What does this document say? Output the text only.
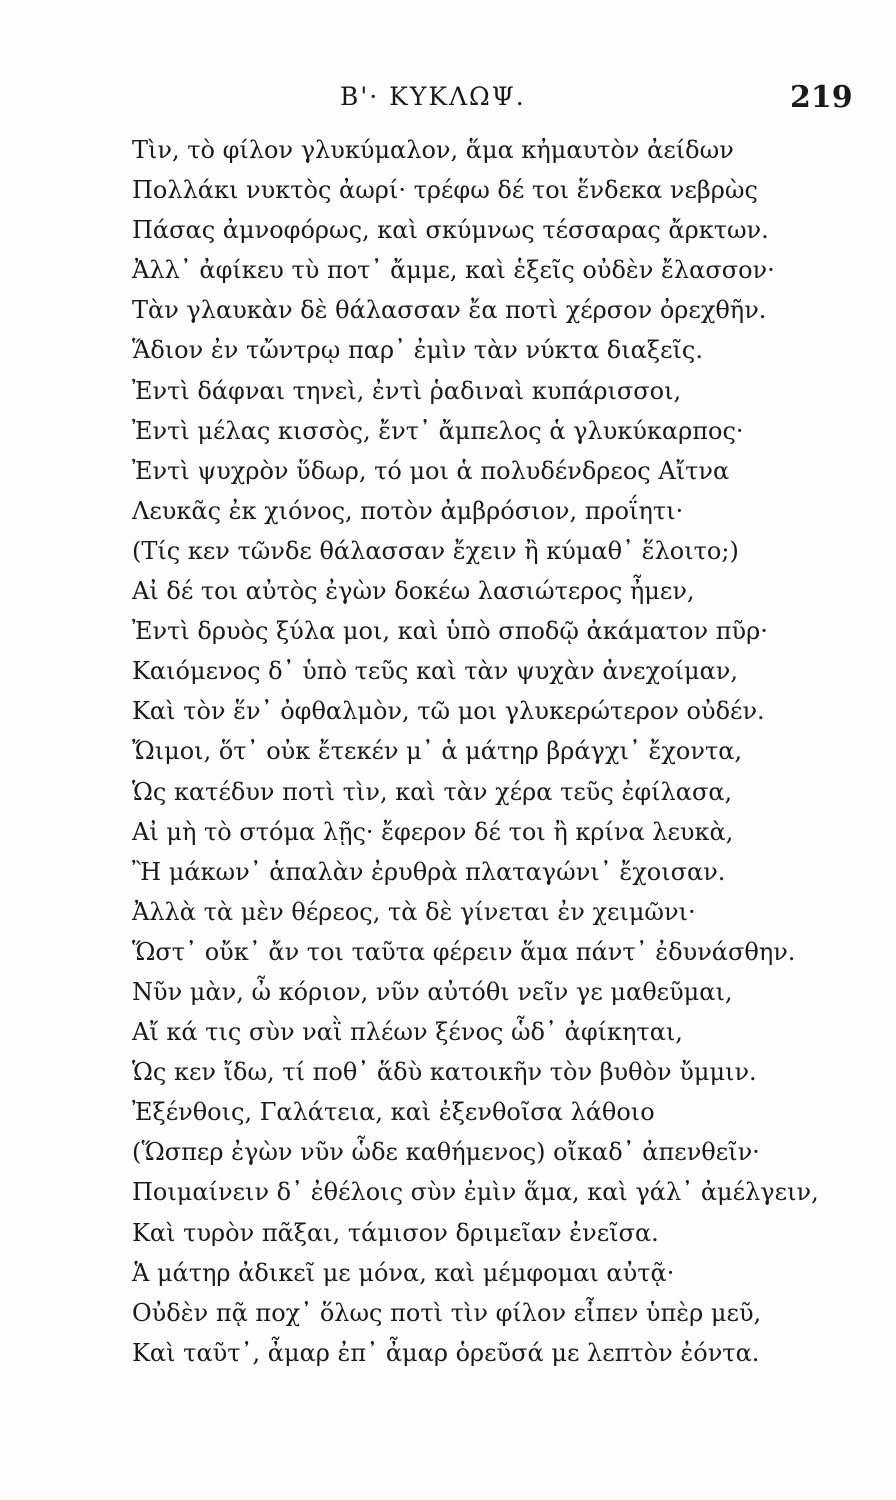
Β'· ΚΥΚΛΩΨ.	219
Τὶν, τὸ φίλον γλυκύμαλον, ἅμα κἠμαυτὸν ἀείδων
Πολλάκι νυκτὸς ἀωρί· τρέφω δέ τοι ἕνδεκα νεβρὼς
Πάσας ἀμνοφόρως, καὶ σκύμνως τέσσαρας ἄρκτων.
Ἀλλ᾽ ἀφίκευ τὺ ποτ᾽ ἄμμε, καὶ ἑξεῖς οὐδὲν ἔλασσον·
Τὰν γλαυκὰν δὲ θάλασσαν ἔα ποτὶ χέρσον ὀρεχθῆν.
Ἅδιον ἐν τὤντρῳ παρ᾽ ἐμὶν τὰν νύκτα διαξεῖς.
Ἐντὶ δάφναι τηνεὶ, ἐντὶ ῥαδιναὶ κυπάρισσοι,
Ἐντὶ μέλας κισσὸς, ἔντ᾽ ἄμπελος ἁ γλυκύκαρπος·
Ἐντὶ ψυχρὸν ὕδωρ, τό μοι ἁ πολυδένδρεος Αἴτνα
Λευκᾶς ἐκ χιόνος, ποτὸν ἀμβρόσιον, προΐητι·
(Τίς κεν τῶνδε θάλασσαν ἔχειν ἢ κύμαθ᾽ ἕλοιτο;)
Αἰ δέ τοι αὐτὸς ἐγὼν δοκέω λασιώτερος ἦμεν,
Ἐντὶ δρυὸς ξύλα μοι, καὶ ὑπὸ σποδῷ ἀκάματον πῦρ·
Καιόμενος δ᾽ ὑπὸ τεῦς καὶ τὰν ψυχὰν ἀνεχοίμαν,
Καὶ τὸν ἕν᾽ ὀφθαλμὸν, τῶ μοι γλυκερώτερον οὐδέν.
Ὤιμοι, ὅτ᾽ οὐκ ἔτεκέν μ᾽ ἁ μάτηρ βράγχι᾽ ἔχοντα,
Ὡς κατέδυν ποτὶ τὶν, καὶ τὰν χέρα τεῦς ἐφίλασα,
Αἰ μὴ τὸ στόμα λῇς· ἔφερον δέ τοι ἢ κρίνα λευκὰ,
Ἢ μάκων᾽ ἁπαλὰν ἐρυθρὰ πλαταγώνι᾽ ἔχοισαν.
Ἀλλὰ τὰ μὲν θέρεος, τὰ δὲ γίνεται ἐν χειμῶνι·
Ὥστ᾽ οὔκ᾽ ἄν τοι ταῦτα φέρειν ἅμα πάντ᾽ ἐδυνάσθην.
Νῦν μὰν, ὦ κόριον, νῦν αὐτόθι νεῖν γε μαθεῦμαι,
Αἴ κά τις σὺν ναῒ πλέων ξένος ὧδ᾽ ἀφίκηται,
Ὡς κεν ἴδω, τί ποθ᾽ ἅδὺ κατοικῆν τὸν βυθὸν ὔμμιν.
Ἐξένθοις, Γαλάτεια, καὶ ἐξενθοῖσα λάθοιο
(Ὥσπερ ἐγὼν νῦν ὧδε καθήμενος) οἴκαδ᾽ ἀπενθεῖν·
Ποιμαίνειν δ᾽ ἐθέλοις σὺν ἐμὶν ἅμα, καὶ γάλ᾽ ἀμέλγειν,
Καὶ τυρὸν πᾶξαι, τάμισον δριμεῖαν ἐνεῖσα.
Ἁ μάτηρ ἀδικεῖ με μόνα, καὶ μέμφομαι αὐτᾷ·
Οὐδὲν πᾷ ποχ᾽ ὅλως ποτὶ τὶν φίλον εἶπεν ὑπὲρ μεῦ,
Καὶ ταῦτ᾽, ἆμαρ ἐπ᾽ ἆμαρ ὁρεῦσά με λεπτὸν ἐόντα.
